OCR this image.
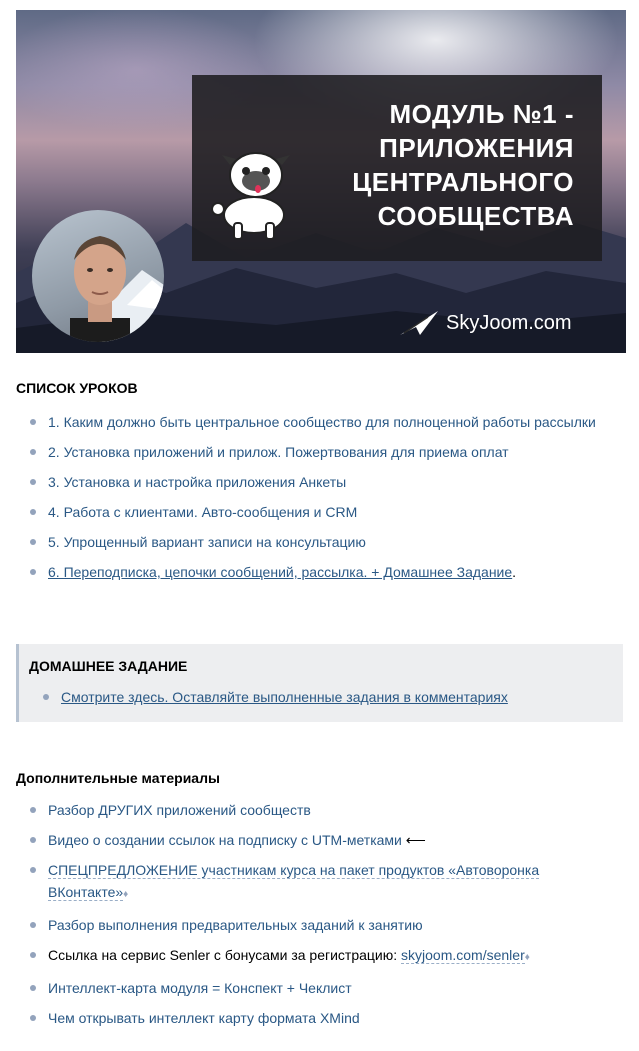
МОДУЛЬ №1 -
ПРИЛОЖЕНИЯ
ЦЕНТРАЛЬНОГО
СООБЩЕСТВА
SkyJoom.com
СПИСОК УРОКОВ
1. Каким должно быть центральное сообщество для полноценной работы рассылки
2. Установка приложений и прилож. Пожертвования для приема оплат
3. Установка и настройка приложения Анкеты
4. Работа с клиентами. Авто-сообщения и CRM
5. Упрощенный вариант записи на консультацию
6. Переподписка, цепочки сообщений, рассылка. + Домашнее Задание.
ДОМАШНЕЕ ЗАДАНИЕ
Смотрите здесь. Оставляйте выполненные задания в комментариях
Дополнительные материалы
Разбор ДРУГИХ приложений сообществ
Видео о создании ссылок на подписку с UTM-метками ⟵
СПЕЦПРЕДЛОЖЕНИЕ участникам курса на пакет продуктов «Автоворонка ВКонтакте»♦
Разбор выполнения предварительных заданий к занятию
Ссылка на сервис Senler с бонусами за регистрацию: skyjoom.com/senler♦
Интеллект-карта модуля = Конспект + Чеклист
Чем открывать интеллект карту формата XMind
